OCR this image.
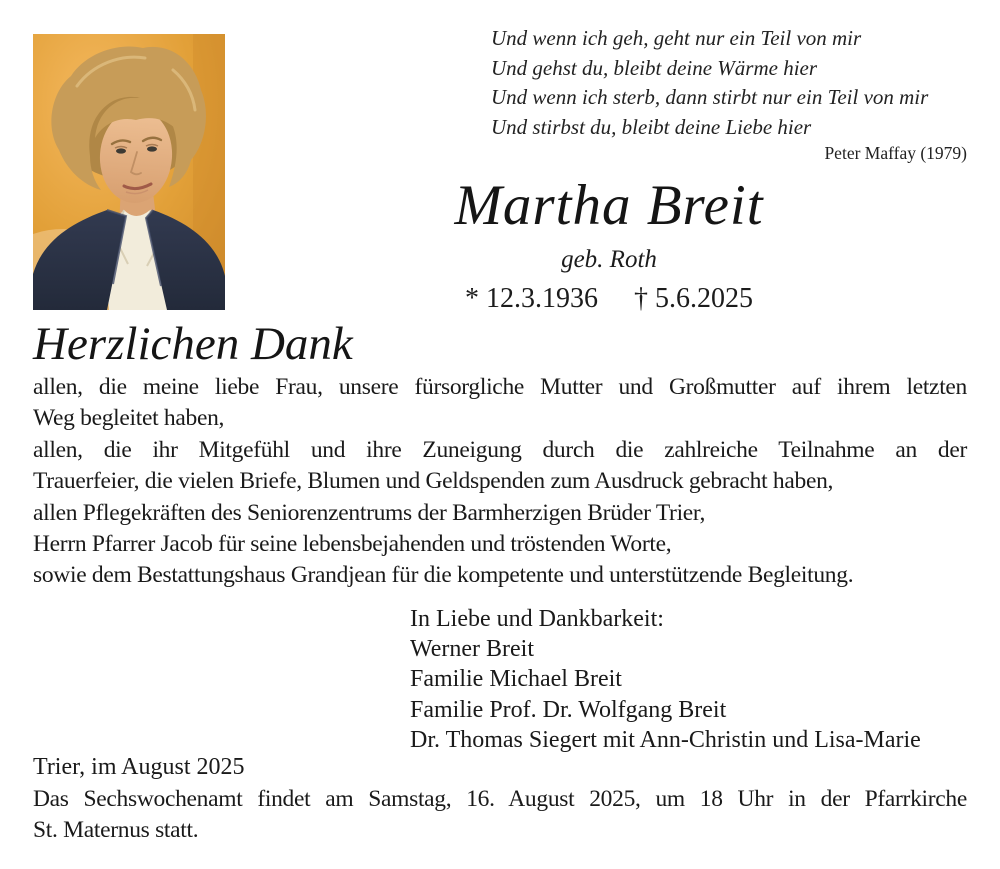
Und wenn ich geh, geht nur ein Teil von mir
Und gehst du, bleibt deine Wärme hier
Und wenn ich sterb, dann stirbt nur ein Teil von mir
Und stirbst du, bleibt deine Liebe hier
Peter Maffay (1979)
Martha Breit
geb. Roth
* 12.3.1936 † 5.6.2025
Herzlichen Dank
allen, die meine liebe Frau, unsere fürsorgliche Mutter und Großmutter auf ihrem letzten
Weg begleitet haben,
allen, die ihr Mitgefühl und ihre Zuneigung durch die zahlreiche Teilnahme an der
Trauerfeier, die vielen Briefe, Blumen und Geldspenden zum Ausdruck gebracht haben,
allen Pflegekräften des Seniorenzentrums der Barmherzigen Brüder Trier,
Herrn Pfarrer Jacob für seine lebensbejahenden und tröstenden Worte,
sowie dem Bestattungshaus Grandjean für die kompetente und unterstützende Begleitung.
In Liebe und Dankbarkeit:
Werner Breit
Familie Michael Breit
Familie Prof. Dr. Wolfgang Breit
Dr. Thomas Siegert mit Ann-Christin und Lisa-Marie
Trier, im August 2025
Das Sechswochenamt findet am Samstag, 16. August 2025, um 18 Uhr in der Pfarrkirche
St. Maternus statt.
